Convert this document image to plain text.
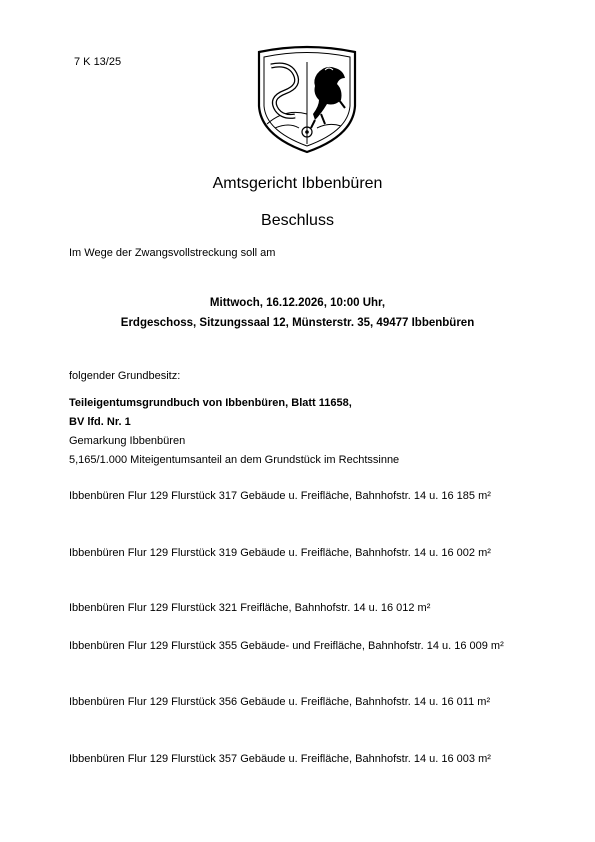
7 K 13/25
Amtsgericht Ibbenbüren
Beschluss
Im Wege der Zwangsvollstreckung soll am
Mittwoch, 16.12.2026, 10:00 Uhr,
Erdgeschoss, Sitzungssaal 12, Münsterstr. 35, 49477 Ibbenbüren
folgender Grundbesitz:
Teileigentumsgrundbuch von Ibbenbüren, Blatt 11658,
BV lfd. Nr. 1
Gemarkung Ibbenbüren
5,165/1.000 Miteigentumsanteil an dem Grundstück im Rechtssinne
Ibbenbüren Flur 129 Flurstück 317 Gebäude u. Freifläche, Bahnhofstr. 14 u. 16 185 m²
Ibbenbüren Flur 129 Flurstück 319 Gebäude u. Freifläche, Bahnhofstr. 14 u. 16 002 m²
Ibbenbüren Flur 129 Flurstück 321 Freifläche, Bahnhofstr. 14 u. 16 012 m²
Ibbenbüren Flur 129 Flurstück 355 Gebäude- und Freifläche, Bahnhofstr. 14 u. 16 009 m²
Ibbenbüren Flur 129 Flurstück 356 Gebäude u. Freifläche, Bahnhofstr. 14 u. 16 011 m²
Ibbenbüren Flur 129 Flurstück 357 Gebäude u. Freifläche, Bahnhofstr. 14 u. 16 003 m²
